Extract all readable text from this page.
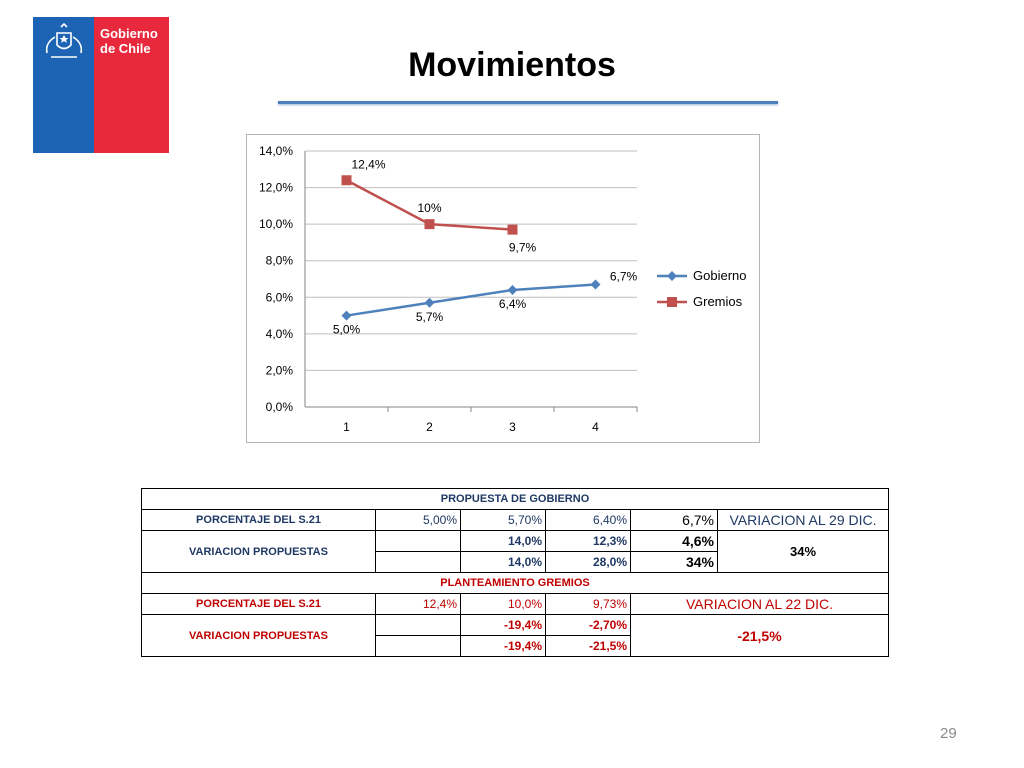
Gobierno
de Chile	Movimientos
0,0%
2,0%
4,0%
6,0%
8,0%
10,0%
12,0%
14,0%
1	2	3	4
5,0%
5,7%
6,4%
6,7%
12,4%
10%
9,7%
Gobierno
Gremios
PROPUESTA DE GOBIERNO					
PORCENTAJE DEL S.21	5,00%	5,70%	6,40%	6,7%	VARIACION AL 29 DIC.
VARIACION PROPUESTAS		14,0%	12,3%	4,6%	34%
		14,0%	28,0%	34%	
PLANTEAMIENTO GREMIOS					
PORCENTAJE DEL S.21	12,4%	10,0%	9,73%	VARIACION AL 22 DIC.	
VARIACION PROPUESTAS		-19,4%	-2,70%	-21,5%	
		-19,4%	-21,5%		
29
